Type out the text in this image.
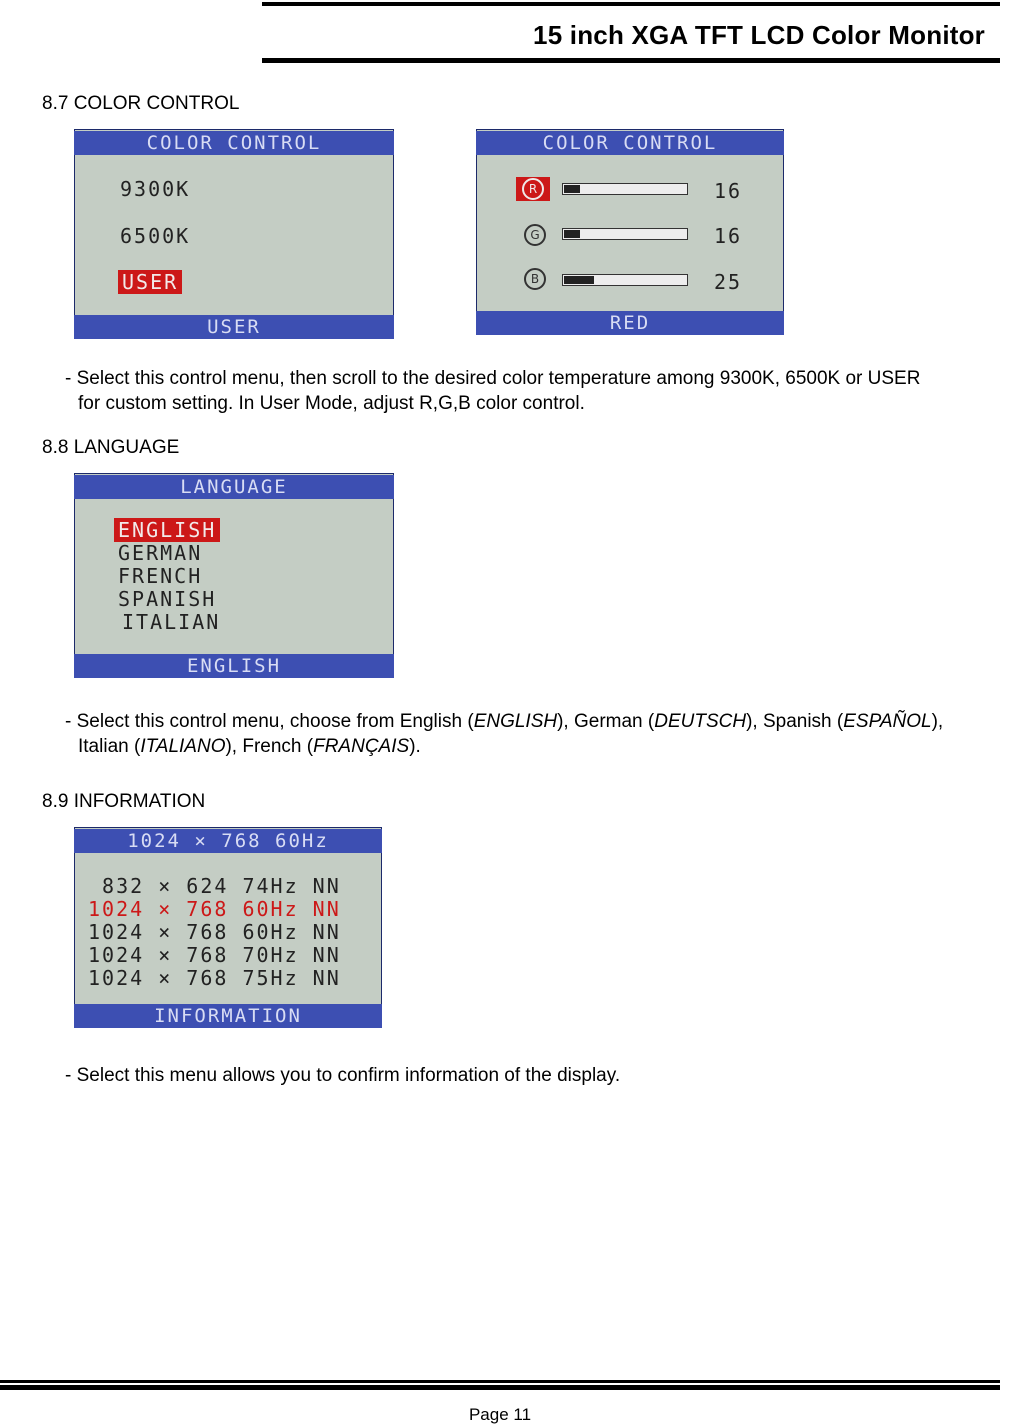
15 inch XGA TFT LCD Color Monitor
8.7 COLOR CONTROL
COLOR CONTROL
9300K
6500K
USER
USER
COLOR CONTROL
R	16
G	16
B	25
RED
- Select this control menu, then scroll to the desired color temperature among 9300K, 6500K or USER
for custom setting. In User Mode, adjust R,G,B color control.
8.8 LANGUAGE
LANGUAGE
ENGLISH
GERMAN
FRENCH
SPANISH
ITALIAN
ENGLISH
- Select this control menu, choose from English (ENGLISH), German (DEUTSCH), Spanish (ESPAÑOL),
Italian (ITALIANO), French (FRANÇAIS).
8.9 INFORMATION
1024 × 768 60Hz
832 × 624 74Hz NN
1024 × 768 60Hz NN
1024 × 768 60Hz NN
1024 × 768 70Hz NN
1024 × 768 75Hz NN
INFORMATION
- Select this menu allows you to confirm information of the display.
Page 11
